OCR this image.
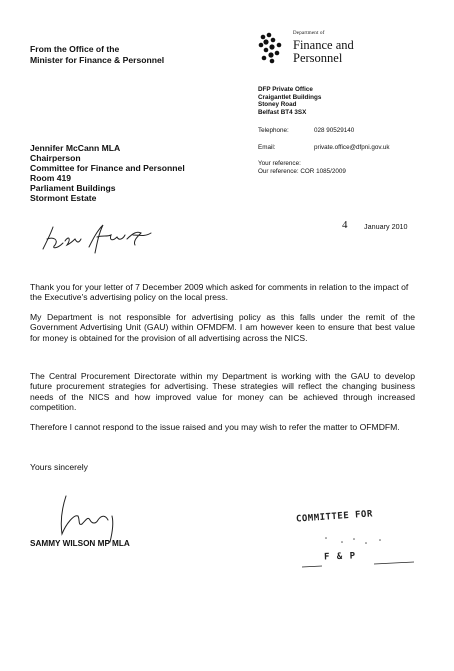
From the Office of the
Minister for Finance & Personnel
Department of
Finance and
Personnel
DFP Private Office
Craigantlet Buildings
Stoney Road
Belfast BT4 3SX
Telephone:	028 90529140
Email:	private.office@dfpni.gov.uk
Your reference:
Our reference: COR 1085/2009
Jennifer McCann MLA
Chairperson
Committee for Finance and Personnel
Room 419
Parliament Buildings
Stormont Estate
4 January 2010
Thank you for your letter of 7 December 2009 which asked for comments in relation to the impact of the Executive's advertising policy on the local press.
My Department is not responsible for advertising policy as this falls under the remit of the Government Advertising Unit (GAU) within OFMDFM. I am however keen to ensure that best value for money is obtained for the provision of all advertising across the NICS.
The Central Procurement Directorate within my Department is working with the GAU to develop future procurement strategies for advertising. These strategies will reflect the changing business needs of the NICS and how improved value for money can be achieved through increased competition.
Therefore I cannot respond to the issue raised and you may wish to refer the matter to OFMDFM.
Yours sincerely
SAMMY WILSON MP MLA
COMMITTEE FOR
F & P
